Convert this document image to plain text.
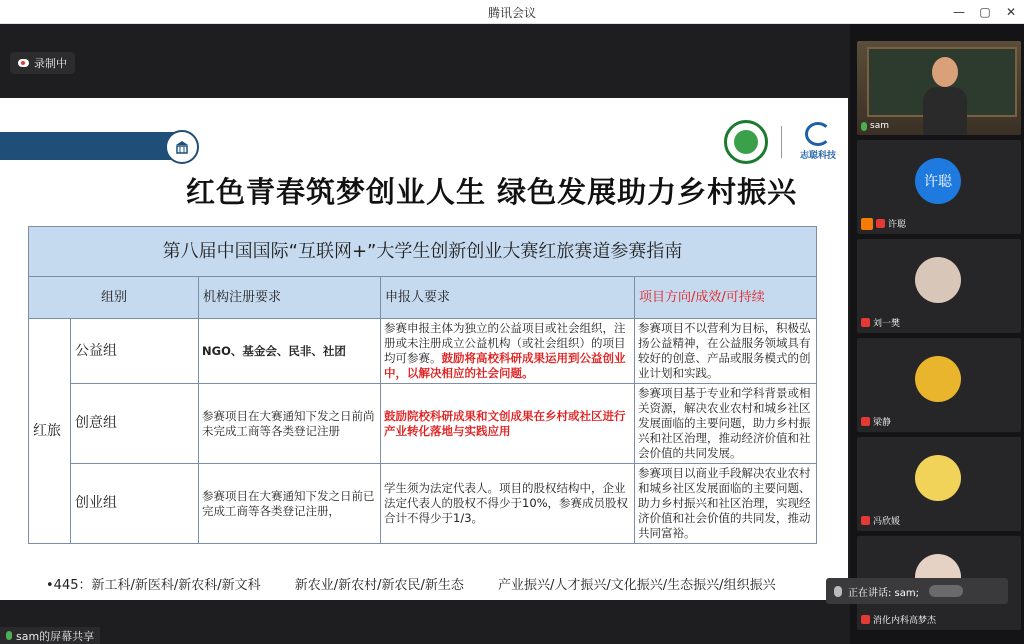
腾讯会议	—	▢	✕
录制中
志聪科技
红色青春筑梦创业人生 绿色发展助力乡村振兴
第八届中国国际“互联网+”大学生创新创业大赛红旅赛道参赛指南				
组别		机构注册要求	申报人要求	项目方向/成效/可持续
红旅	公益组	NGO、基金会、民非、社团	参赛申报主体为独立的公益项目或社会组织，注册或未注册成立公益机构（或社会组织）的项目均可参赛。鼓励将高校科研成果运用到公益创业中，以解决相应的社会问题。	参赛项目不以营利为目标，积极弘扬公益精神，在公益服务领域具有较好的创意、产品或服务模式的创业计划和实践。
	创意组	参赛项目在大赛通知下发之日前尚未完成工商等各类登记注册	鼓励院校科研成果和文创成果在乡村或社区进行产业转化落地与实践应用	参赛项目基于专业和学科背景或相关资源，解决农业农村和城乡社区发展面临的主要问题，助力乡村振兴和社区治理，推动经济价值和社会价值的共同发展。
	创业组	参赛项目在大赛通知下发之日前已完成工商等各类登记注册，	学生须为法定代表人。项目的股权结构中，企业法定代表人的股权不得少于10%，参赛成员股权合计不得少于1/3。	参赛项目以商业手段解决农业农村和城乡社区发展面临的主要问题、助力乡村振兴和社区治理，实现经济价值和社会价值的共同发，推动共同富裕。
•445：新工科/新医科/新农科/新文科	新农业/新农村/新农民/新生态	产业振兴/人才振兴/文化振兴/生态振兴/组织振兴
sam的屏幕共享
sam
许聪
许聪
刘一樊
梁静
冯欣媛
消化内科高梦杰
正在讲话: sam;
